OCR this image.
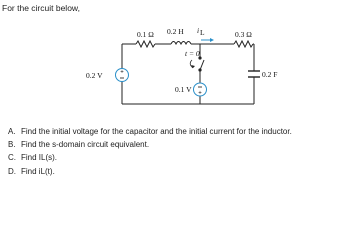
For the circuit below,
+
+
0.1 Ω 0.2 H i L	0.3 Ω
t = 0
0.2 V
0.1 V
0.2 F
A. Find the initial voltage for the capacitor and the initial current for the inductor.
B. Find the s-domain circuit equivalent.
C. Find IL(s).
D. Find iL(t).
